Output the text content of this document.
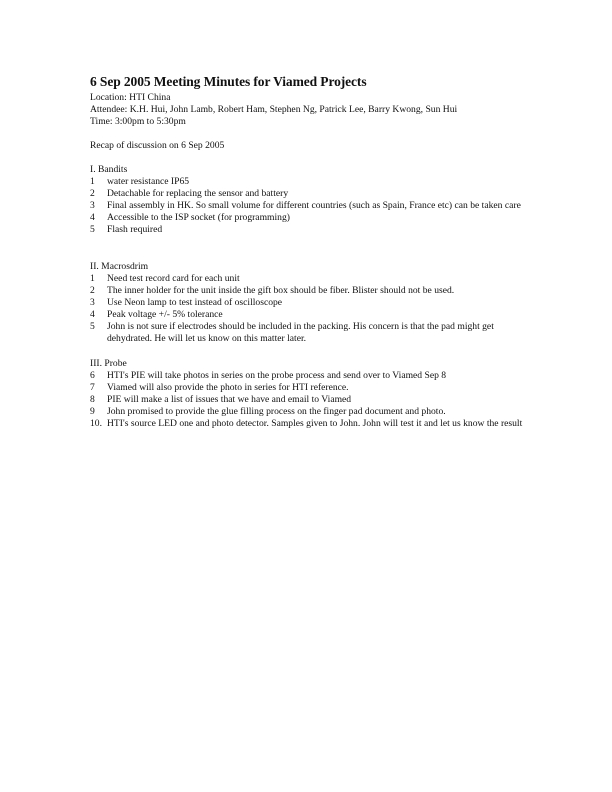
6 Sep 2005 Meeting Minutes for Viamed Projects
Location: HTI China
Attendee: K.H. Hui, John Lamb, Robert Ham, Stephen Ng, Patrick Lee, Barry Kwong, Sun Hui
Time: 3:00pm to 5:30pm
Recap of discussion on 6 Sep 2005
I. Bandits
1	water resistance IP65
2	Detachable for replacing the sensor and battery
3	Final assembly in HK. So small volume for different countries (such as Spain, France etc) can be taken care
4	Accessible to the ISP socket (for programming)
5	Flash required
II. Macrosdrim
1	Need test record card for each unit
2	The inner holder for the unit inside the gift box should be fiber. Blister should not be used.
3	Use Neon lamp to test instead of oscilloscope
4	Peak voltage +/- 5% tolerance
5	John is not sure if electrodes should be included in the packing. His concern is that the pad might get dehydrated. He will let us know on this matter later.
III. Probe
6	HTI's PIE will take photos in series on the probe process and send over to Viamed Sep 8
7	Viamed will also provide the photo in series for HTI reference.
8	PIE will make a list of issues that we have and email to Viamed
9	John promised to provide the glue filling process on the finger pad document and photo.
10. HTI's source LED one and photo detector. Samples given to John. John will test it and let us know the result
